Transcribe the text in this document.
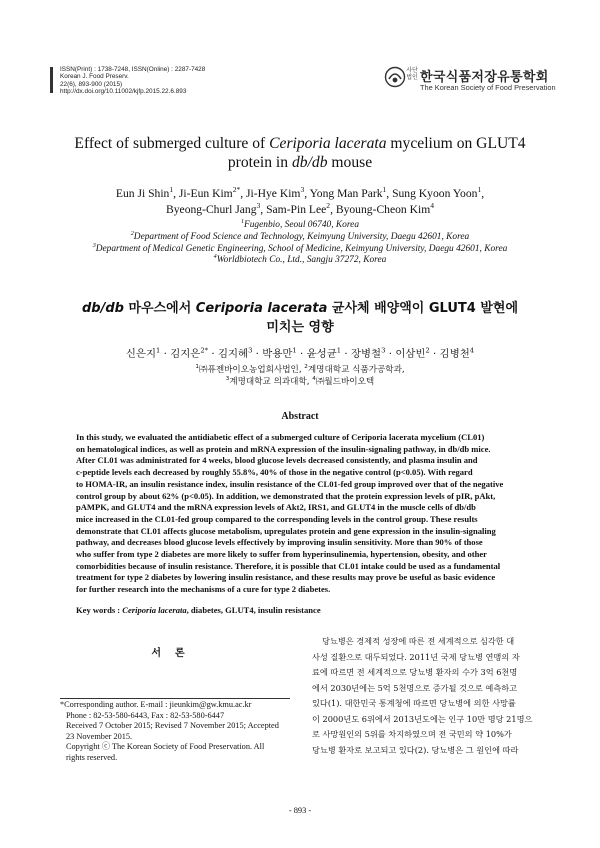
ISSN(Print) : 1738-7248, ISSN(Online) : 2287-7428
Korean J. Food Preserv.
22(6), 893-900 (2015)
http://dx.doi.org/10.11002/kjfp.2015.22.6.893
사단법인 한국식품저장유통학회
The Korean Society of Food Preservation
Effect of submerged culture of Ceriporia lacerata mycelium on GLUT4
protein in db/db mouse
Eun Ji Shin$^1$, Ji-Eun Kim$^{2*}$, Ji-Hye Kim$^3$, Yong Man Park$^1$, Sung Kyoon Yoon$^1$,
Byeong-Churl Jang$^3$, Sam-Pin Lee$^2$, Byoung-Cheon Kim$^4$
$^1$Fugenbio, Seoul 06740, Korea
$^2$Department of Food Science and Technology, Keimyung University, Daegu 42601, Korea
$^3$Department of Medical Genetic Engineering, School of Medicine, Keimyung University, Daegu 42601, Korea
$^4$Worldbiotech Co., Ltd., Sangju 37272, Korea
db/db 마우스에서 Ceriporia lacerata 균사체 배양액이 GLUT4 발현에
미치는 영향
신은지$^1$ · 김지은$^{2*}$ · 김지혜$^3$ · 박용만$^1$ · 윤성균$^1$ · 장병철$^3$ · 이삼빈$^2$ · 김병천$^4$
$^1$㈜퓨젠바이오농업회사법인, $^2$계명대학교 식품가공학과,
$^3$계명대학교 의과대학, $^4$㈜월드바이오텍
Abstract
In this study, we evaluated the antidiabetic effect of a submerged culture of Ceriporia lacerata mycelium (CL01)
on hematological indices, as well as protein and mRNA expression of the insulin-signaling pathway, in db/db mice.
After CL01 was administrated for 4 weeks, blood glucose levels decreased consistently, and plasma insulin and
c-peptide levels each decreased by roughly 55.8%, 40% of those in the negative control (p<0.05). With regard
to HOMA-IR, an insulin resistance index, insulin resistance of the CL01-fed group improved over that of the negative
control group by about 62% (p<0.05). In addition, we demonstrated that the protein expression levels of pIR, pAkt,
pAMPK, and GLUT4 and the mRNA expression levels of Akt2, IRS1, and GLUT4 in the muscle cells of db/db
mice increased in the CL01-fed group compared to the corresponding levels in the control group. These results
demonstrate that CL01 affects glucose metabolism, upregulates protein and gene expression in the insulin-signaling
pathway, and decreases blood glucose levels effectively by improving insulin sensitivity. More than 90% of those
who suffer from type 2 diabetes are more likely to suffer from hyperinsulinemia, hypertension, obesity, and other
comorbidities because of insulin resistance. Therefore, it is possible that CL01 intake could be used as a fundamental
treatment for type 2 diabetes by lowering insulin resistance, and these results may prove be useful as basic evidence
for further research into the mechanisms of a cure for type 2 diabetes.
Key words : Ceriporia lacerata, diabetes, GLUT4, insulin resistance
서론
*Corresponding author. E-mail : jieunkim@gw.kmu.ac.kr
Phone : 82-53-580-6443, Fax : 82-53-580-6447
Received 7 October 2015; Revised 7 November 2015; Accepted
23 November 2015.
Copyright ⓒ The Korean Society of Food Preservation. All
rights reserved.
당뇨병은 경제적 성장에 따른 전 세계적으로 심각한 대
사성 질환으로 대두되었다. 2011년 국제 당뇨병 연맹의 자
료에 따르면 전 세계적으로 당뇨병 환자의 수가 3억 6천명
에서 2030년에는 5억 5천명으로 증가될 것으로 예측하고
있다(1). 대한민국 통계청에 따르면 당뇨병에 의한 사망률
이 2000년도 6위에서 2013년도에는 인구 10만 명당 21명으
로 사망원인의 5위를 차지하였으며 전 국민의 약 10%가
당뇨병 환자로 보고되고 있다(2). 당뇨병은 그 원인에 따라
- 893 -
